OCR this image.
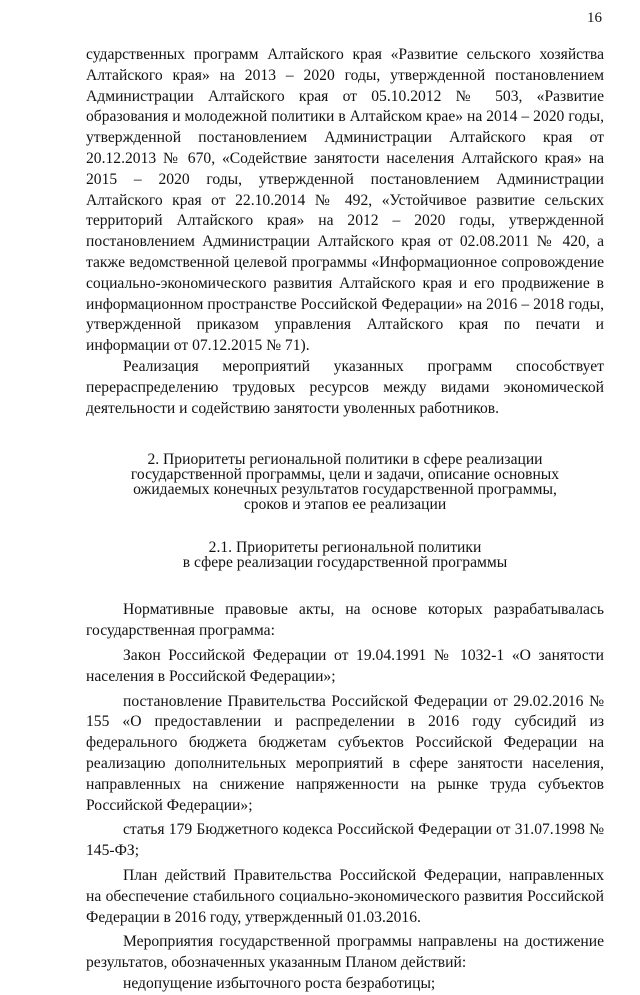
16

сударственных программ Алтайского края «Развитие сельского хозяйства Алтайского края» на 2013 – 2020 годы, утвержденной постановлением Администрации Алтайского края от 05.10.2012 № 503, «Развитие образования и молодежной политики в Алтайском крае» на 2014 – 2020 годы, утвержденной постановлением Администрации Алтайского края от 20.12.2013 № 670, «Содействие занятости населения Алтайского края» на 2015 – 2020 годы, утвержденной постановлением Администрации Алтайского края от 22.10.2014 № 492, «Устойчивое развитие сельских территорий Алтайского края» на 2012 – 2020 годы, утвержденной постановлением Администрации Алтайского края от 02.08.2011 № 420, а также ведомственной целевой программы «Информационное сопровождение социально-экономического развития Алтайского края и его продвижение в информационном пространстве Российской Федерации» на 2016 – 2018 годы, утвержденной приказом управления Алтайского края по печати и информации от 07.12.2015 № 71).

Реализация мероприятий указанных программ способствует перераспределению трудовых ресурсов между видами экономической деятельности и содействию занятости уволенных работников.

2. Приоритеты региональной политики в сфере реализации
государственной программы, цели и задачи, описание основных
ожидаемых конечных результатов государственной программы,
сроков и этапов ее реализации

2.1. Приоритеты региональной политики
в сфере реализации государственной программы

Нормативные правовые акты, на основе которых разрабатывалась государственная программа:

Закон Российской Федерации от 19.04.1991 № 1032-1 «О занятости населения в Российской Федерации»;

постановление Правительства Российской Федерации от 29.02.2016 № 155 «О предоставлении и распределении в 2016 году субсидий из федерального бюджета бюджетам субъектов Российской Федерации на реализацию дополнительных мероприятий в сфере занятости населения, направленных на снижение напряженности на рынке труда субъектов Российской Федерации»;

статья 179 Бюджетного кодекса Российской Федерации от 31.07.1998 № 145-ФЗ;

План действий Правительства Российской Федерации, направленных на обеспечение стабильного социально-экономического развития Российской Федерации в 2016 году, утвержденный 01.03.2016.

Мероприятия государственной программы направлены на достижение результатов, обозначенных указанным Планом действий:

недопущение избыточного роста безработицы;
